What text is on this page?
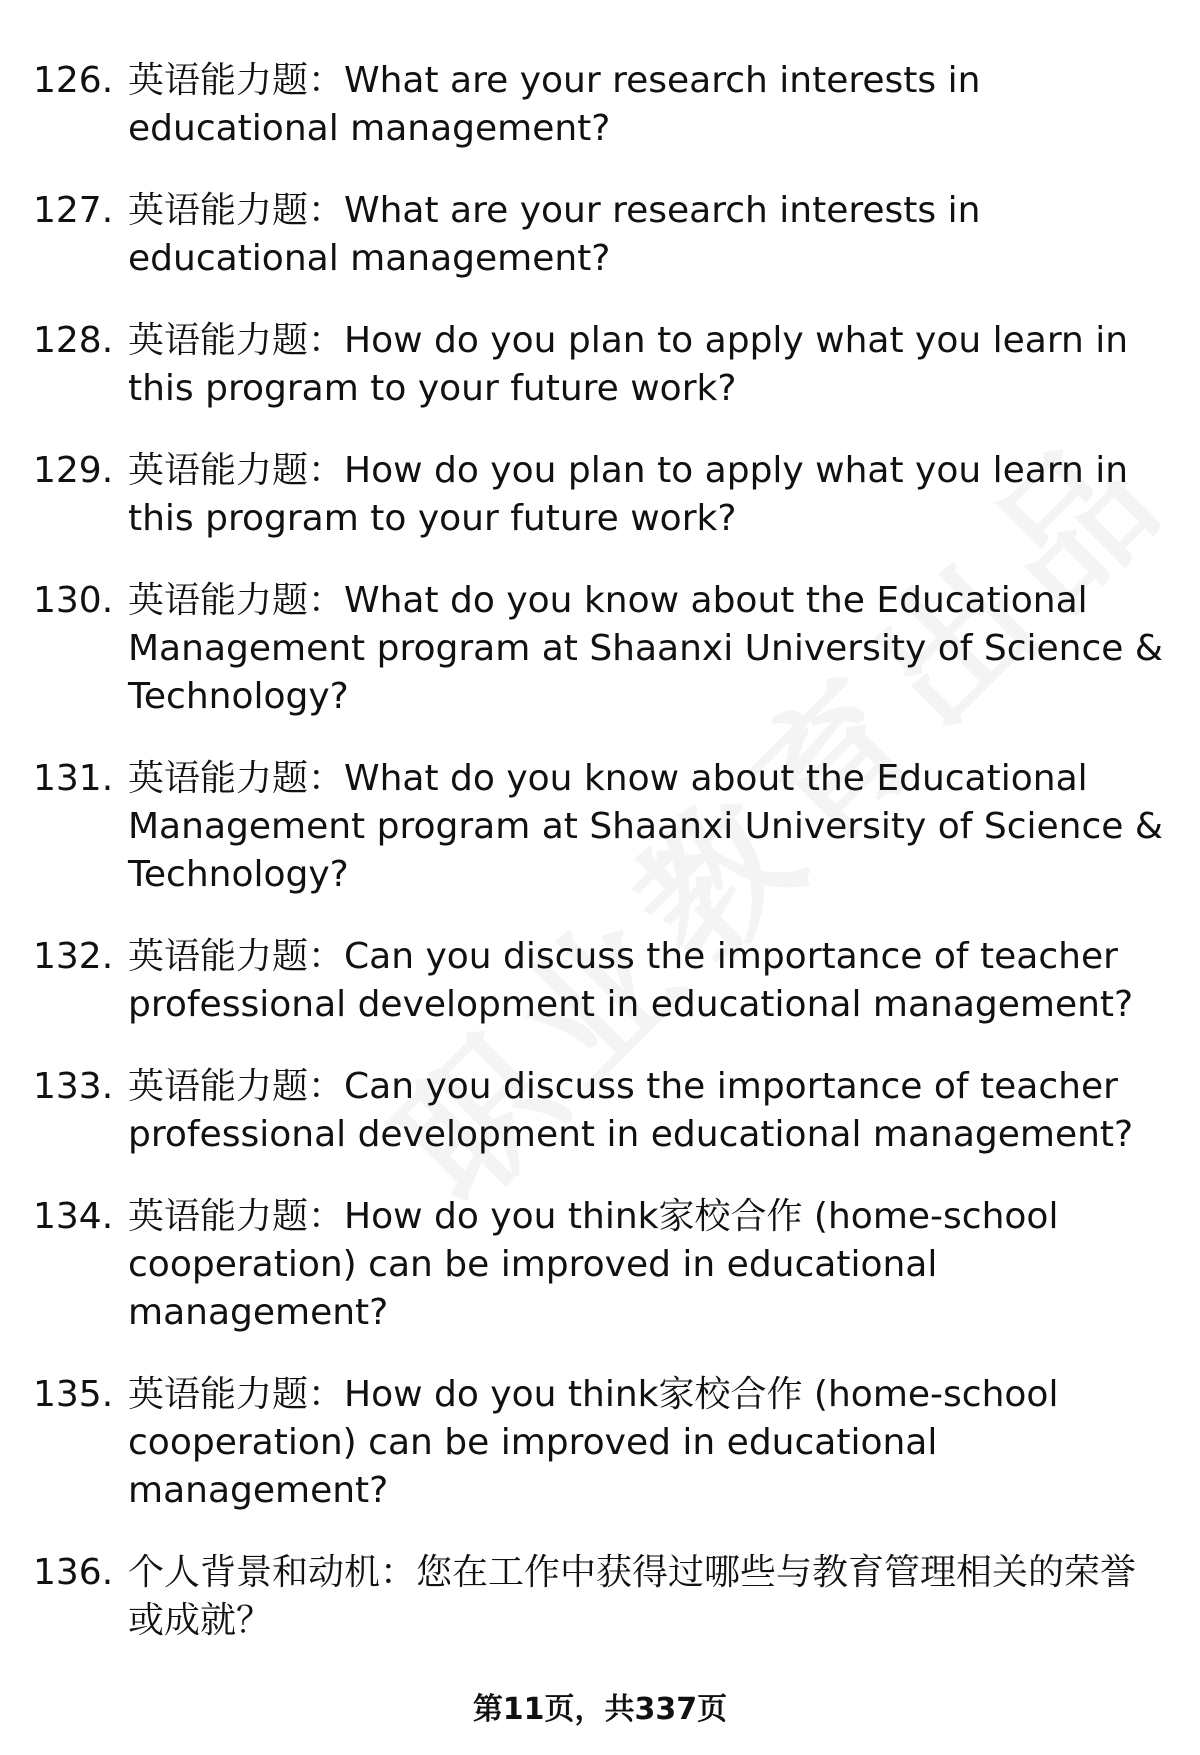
126. 英语能力题：What are your research interests in educational management?
127. 英语能力题：What are your research interests in educational management?
128. 英语能力题：How do you plan to apply what you learn in this program to your future work?
129. 英语能力题：How do you plan to apply what you learn in this program to your future work?
130. 英语能力题：What do you know about the Educational Management program at Shaanxi University of Science & Technology?
131. 英语能力题：What do you know about the Educational Management program at Shaanxi University of Science & Technology?
132. 英语能力题：Can you discuss the importance of teacher professional development in educational management?
133. 英语能力题：Can you discuss the importance of teacher professional development in educational management?
134. 英语能力题：How do you think家校合作 (home-school cooperation) can be improved in educational management?
135. 英语能力题：How do you think家校合作 (home-school cooperation) can be improved in educational management?
136. 个人背景和动机：您在工作中获得过哪些与教育管理相关的荣誉或成就？
第11页，共337页
